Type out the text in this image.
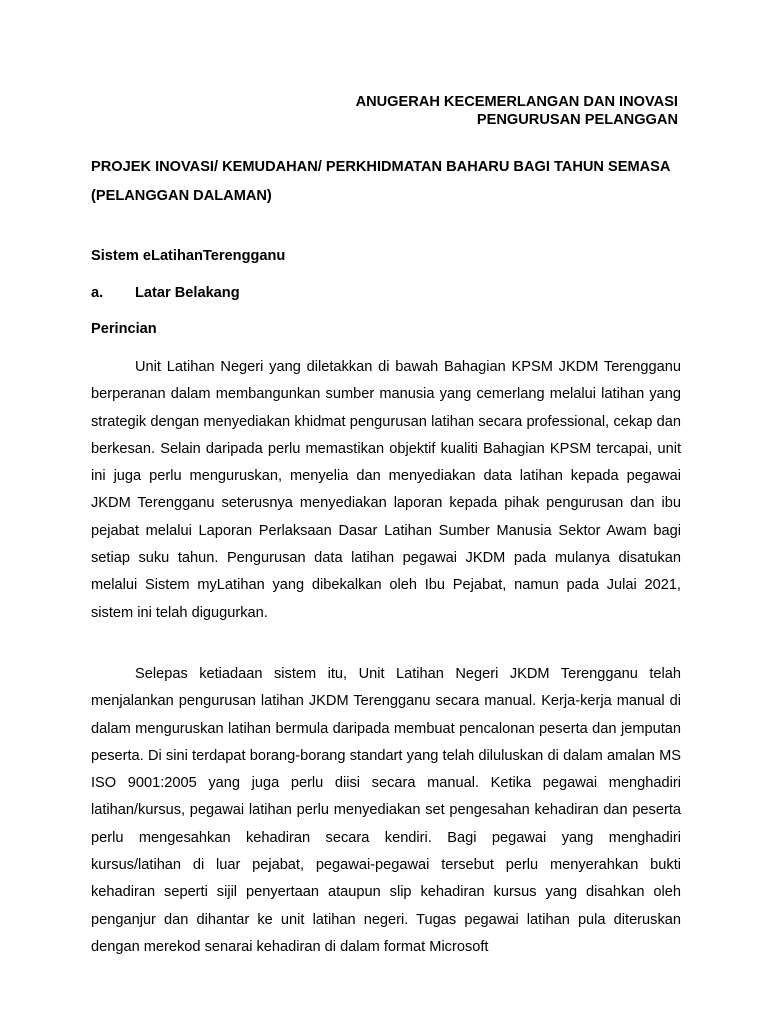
ANUGERAH KECEMERLANGAN DAN INOVASI
PENGURUSAN PELANGGAN
PROJEK INOVASI/ KEMUDAHAN/ PERKHIDMATAN BAHARU BAGI TAHUN SEMASA (PELANGGAN DALAMAN)
Sistem eLatihanTerengganu
a. Latar Belakang
Perincian
Unit Latihan Negeri yang diletakkan di bawah Bahagian KPSM JKDM Terengganu berperanan dalam membangunkan sumber manusia yang cemerlang melalui latihan yang strategik dengan menyediakan khidmat pengurusan latihan secara professional, cekap dan berkesan. Selain daripada perlu memastikan objektif kualiti Bahagian KPSM tercapai, unit ini juga perlu menguruskan, menyelia dan menyediakan data latihan kepada pegawai JKDM Terengganu seterusnya menyediakan laporan kepada pihak pengurusan dan ibu pejabat melalui Laporan Perlaksaan Dasar Latihan Sumber Manusia Sektor Awam bagi setiap suku tahun. Pengurusan data latihan pegawai JKDM pada mulanya disatukan melalui Sistem myLatihan yang dibekalkan oleh Ibu Pejabat, namun pada Julai 2021, sistem ini telah digugurkan.
Selepas ketiadaan sistem itu, Unit Latihan Negeri JKDM Terengganu telah menjalankan pengurusan latihan JKDM Terengganu secara manual. Kerja-kerja manual di dalam menguruskan latihan bermula daripada membuat pencalonan peserta dan jemputan peserta. Di sini terdapat borang-borang standart yang telah diluluskan di dalam amalan MS ISO 9001:2005 yang juga perlu diisi secara manual. Ketika pegawai menghadiri latihan/kursus, pegawai latihan perlu menyediakan set pengesahan kehadiran dan peserta perlu mengesahkan kehadiran secara kendiri. Bagi pegawai yang menghadiri kursus/latihan di luar pejabat, pegawai-pegawai tersebut perlu menyerahkan bukti kehadiran seperti sijil penyertaan ataupun slip kehadiran kursus yang disahkan oleh penganjur dan dihantar ke unit latihan negeri. Tugas pegawai latihan pula diteruskan dengan merekod senarai kehadiran di dalam format Microsoft
